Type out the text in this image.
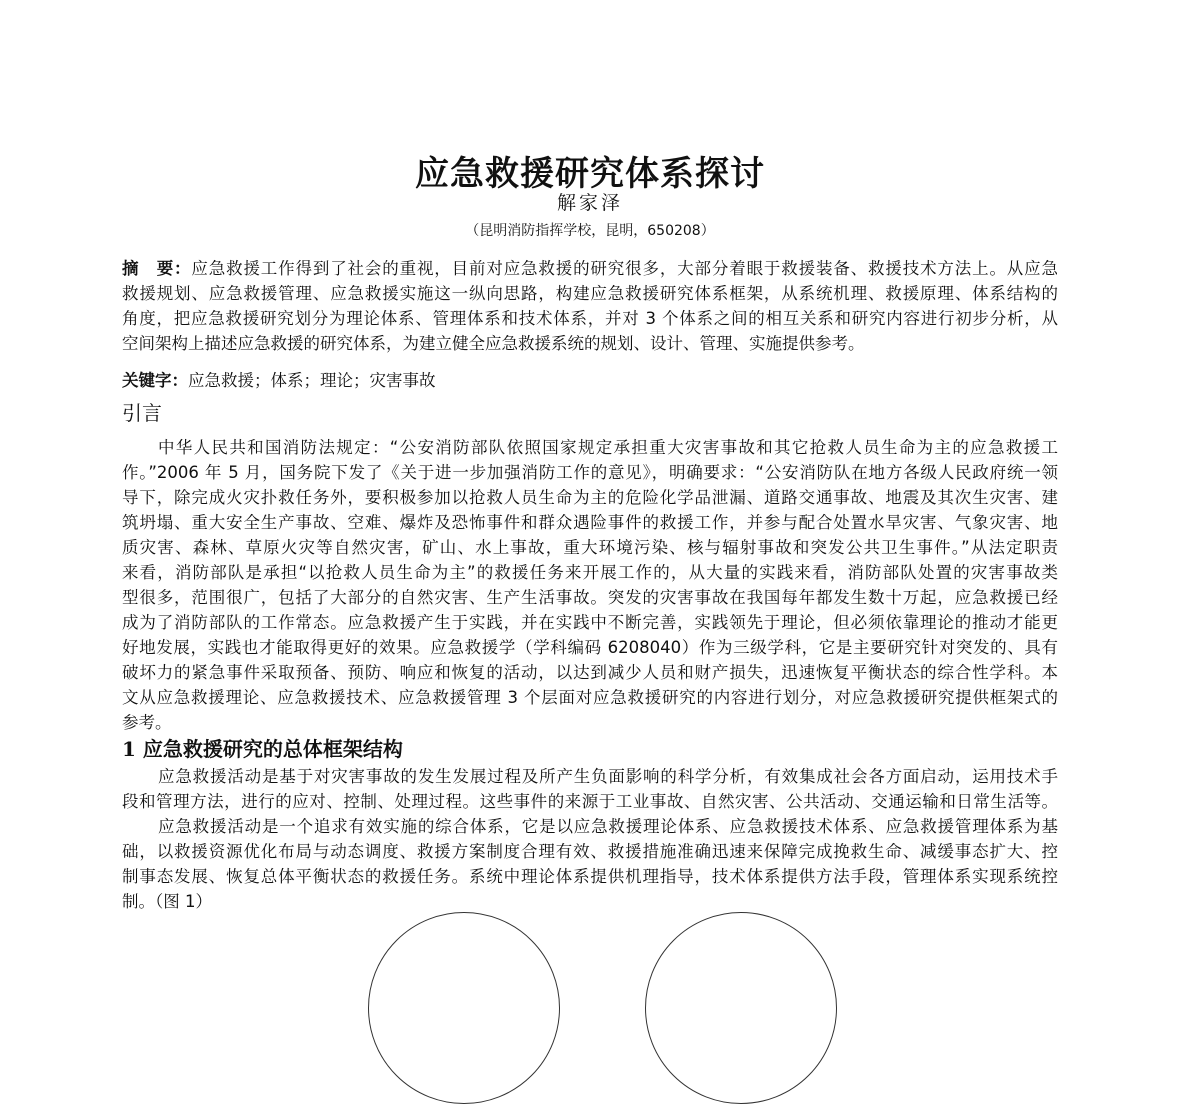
应急救援研究体系探讨
解家泽
（昆明消防指挥学校，昆明，650208）
摘　要：应急救援工作得到了社会的重视，目前对应急救援的研究很多，大部分着眼于救援装备、救援技术方法上。从应急
救援规划、应急救援管理、应急救援实施这一纵向思路，构建应急救援研究体系框架，从系统机理、救援原理、体系结构的
角度，把应急救援研究划分为理论体系、管理体系和技术体系，并对 3 个体系之间的相互关系和研究内容进行初步分析，从
空间架构上描述应急救援的研究体系，为建立健全应急救援系统的规划、设计、管理、实施提供参考。
关键字：应急救援；体系；理论；灾害事故
引言
中华人民共和国消防法规定：“公安消防部队依照国家规定承担重大灾害事故和其它抢救人员生命为主的应急救援工
作。”2006 年 5 月，国务院下发了《关于进一步加强消防工作的意见》，明确要求：“公安消防队在地方各级人民政府统一领
导下，除完成火灾扑救任务外，要积极参加以抢救人员生命为主的危险化学品泄漏、道路交通事故、地震及其次生灾害、建
筑坍塌、重大安全生产事故、空难、爆炸及恐怖事件和群众遇险事件的救援工作，并参与配合处置水旱灾害、气象灾害、地
质灾害、森林、草原火灾等自然灾害，矿山、水上事故，重大环境污染、核与辐射事故和突发公共卫生事件。”从法定职责
来看，消防部队是承担“以抢救人员生命为主”的救援任务来开展工作的，从大量的实践来看，消防部队处置的灾害事故类
型很多，范围很广，包括了大部分的自然灾害、生产生活事故。突发的灾害事故在我国每年都发生数十万起，应急救援已经
成为了消防部队的工作常态。应急救援产生于实践，并在实践中不断完善，实践领先于理论，但必须依靠理论的推动才能更
好地发展，实践也才能取得更好的效果。应急救援学（学科编码 6208040）作为三级学科，它是主要研究针对突发的、具有
破坏力的紧急事件采取预备、预防、响应和恢复的活动，以达到减少人员和财产损失，迅速恢复平衡状态的综合性学科。本
文从应急救援理论、应急救援技术、应急救援管理 3 个层面对应急救援研究的内容进行划分，对应急救援研究提供框架式的
参考。
1 应急救援研究的总体框架结构
应急救援活动是基于对灾害事故的发生发展过程及所产生负面影响的科学分析，有效集成社会各方面启动，运用技术手
段和管理方法，进行的应对、控制、处理过程。这些事件的来源于工业事故、自然灾害、公共活动、交通运输和日常生活等。
应急救援活动是一个追求有效实施的综合体系，它是以应急救援理论体系、应急救援技术体系、应急救援管理体系为基
础，以救援资源优化布局与动态调度、救援方案制度合理有效、救援措施准确迅速来保障完成挽救生命、减缓事态扩大、控
制事态发展、恢复总体平衡状态的救援任务。系统中理论体系提供机理指导，技术体系提供方法手段，管理体系实现系统控
制。（图 1）
